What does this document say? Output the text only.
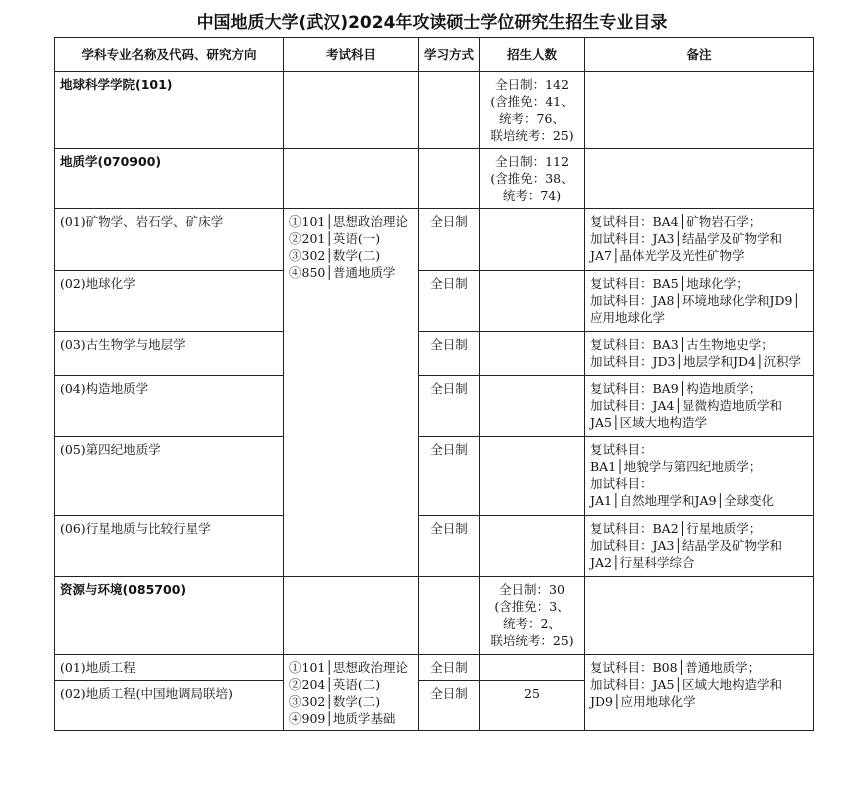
中国地质大学(武汉)2024年攻读硕士学位研究生招生专业目录
学科专业名称及代码、研究方向	考试科目	学习方式	招生人数	备注
地球科学学院(101)			全日制：142
(含推免：41、
统考：76、
联培统考：25)	

地质学(070900)			全日制：112
(含推免：38、
统考：74)	

(01)矿物学、岩石学、矿床学	①101│思想政治理论
②201│英语(一)
③302│数学(二)
④850│普通地质学	全日制		复试科目：BA4│矿物岩石学；
加试科目：JA3│结晶学及矿物学和
JA7│晶体光学及光性矿物学

(02)地球化学		全日制		复试科目：BA5│地球化学；
加试科目：JA8│环境地球化学和JD9│
应用地球化学

(03)古生物学与地层学		全日制		复试科目：BA3│古生物地史学；
加试科目：JD3│地层学和JD4│沉积学

(04)构造地质学		全日制		复试科目：BA9│构造地质学；
加试科目：JA4│显微构造地质学和
JA5│区域大地构造学

(05)第四纪地质学		全日制		复试科目：
BA1│地貌学与第四纪地质学；
加试科目：
JA1│自然地理学和JA9│全球变化

(06)行星地质与比较行星学		全日制		复试科目：BA2│行星地质学；
加试科目：JA3│结晶学及矿物学和
JA2│行星科学综合

资源与环境(085700)			全日制：30
(含推免：3、
统考：2、
联培统考：25)	

(01)地质工程	①101│思想政治理论
②204│英语(二)
③302│数学(二)
④909│地质学基础	全日制		复试科目：B08│普通地质学；
加试科目：JA5│区域大地构造学和
JD9│应用地球化学

(02)地质工程(中国地调局联培)		全日制	25	
